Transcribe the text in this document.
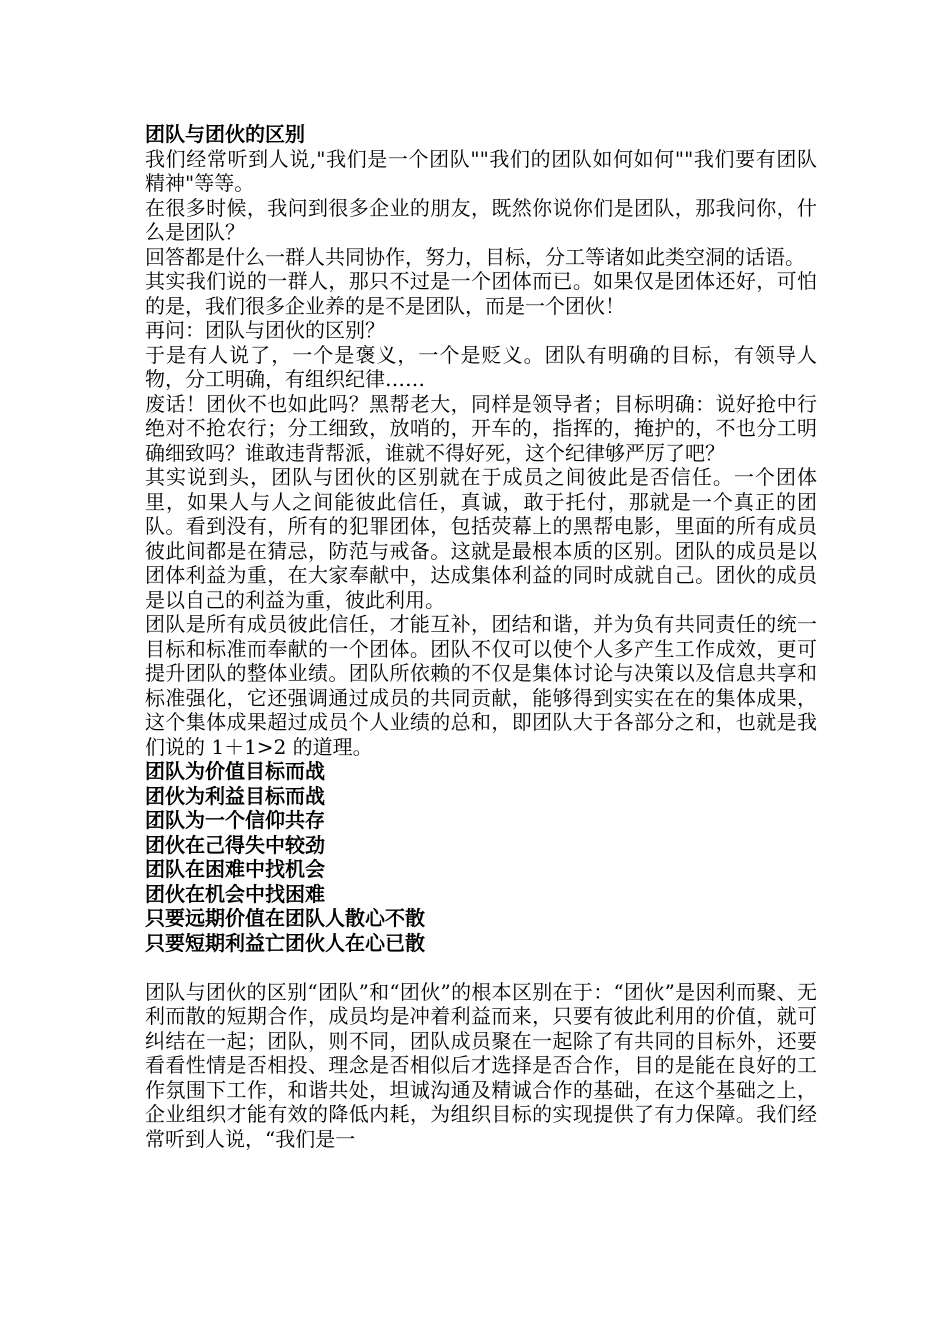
团队与团伙的区别

我们经常听到人说,"我们是一个团队""我们的团队如何如何""我们要有团队精神"等等。

在很多时候，我问到很多企业的朋友，既然你说你们是团队，那我问你，什么是团队？

回答都是什么一群人共同协作，努力，目标，分工等诸如此类空洞的话语。

其实我们说的一群人，那只不过是一个团体而已。如果仅是团体还好，可怕的是，我们很多企业养的是不是团队，而是一个团伙！

再问：团队与团伙的区别？

于是有人说了，一个是褒义，一个是贬义。团队有明确的目标，有领导人物，分工明确，有组织纪律……

废话！团伙不也如此吗？黑帮老大，同样是领导者；目标明确：说好抢中行绝对不抢农行；分工细致，放哨的，开车的，指挥的，掩护的，不也分工明确细致吗？谁敢违背帮派，谁就不得好死，这个纪律够严厉了吧？

其实说到头，团队与团伙的区别就在于成员之间彼此是否信任。一个团体里，如果人与人之间能彼此信任，真诚，敢于托付，那就是一个真正的团队。看到没有，所有的犯罪团体，包括荧幕上的黑帮电影，里面的所有成员彼此间都是在猜忌，防范与戒备。这就是最根本质的区别。团队的成员是以团体利益为重，在大家奉献中，达成集体利益的同时成就自己。团伙的成员是以自己的利益为重，彼此利用。

团队是所有成员彼此信任，才能互补，团结和谐，并为负有共同责任的统一目标和标准而奉献的一个团体。团队不仅可以使个人多产生工作成效，更可提升团队的整体业绩。团队所依赖的不仅是集体讨论与决策以及信息共享和标准强化，它还强调通过成员的共同贡献，能够得到实实在在的集体成果，这个集体成果超过成员个人业绩的总和，即团队大于各部分之和，也就是我们说的 1＋1>2 的道理。

团队为价值目标而战
团伙为利益目标而战
团队为一个信仰共存
团伙在己得失中较劲
团队在困难中找机会
团伙在机会中找困难
只要远期价值在团队人散心不散
只要短期利益亡团伙人在心已散

团队与团伙的区别“团队”和“团伙”的根本区别在于：“团伙”是因利而聚、无利而散的短期合作，成员均是冲着利益而来，只要有彼此利用的价值，就可纠结在一起；团队，则不同，团队成员聚在一起除了有共同的目标外，还要看看性情是否相投、理念是否相似后才选择是否合作，目的是能在良好的工作氛围下工作，和谐共处，坦诚沟通及精诚合作的基础，在这个基础之上，企业组织才能有效的降低内耗，为组织目标的实现提供了有力保障。我们经常听到人说，“我们是一
